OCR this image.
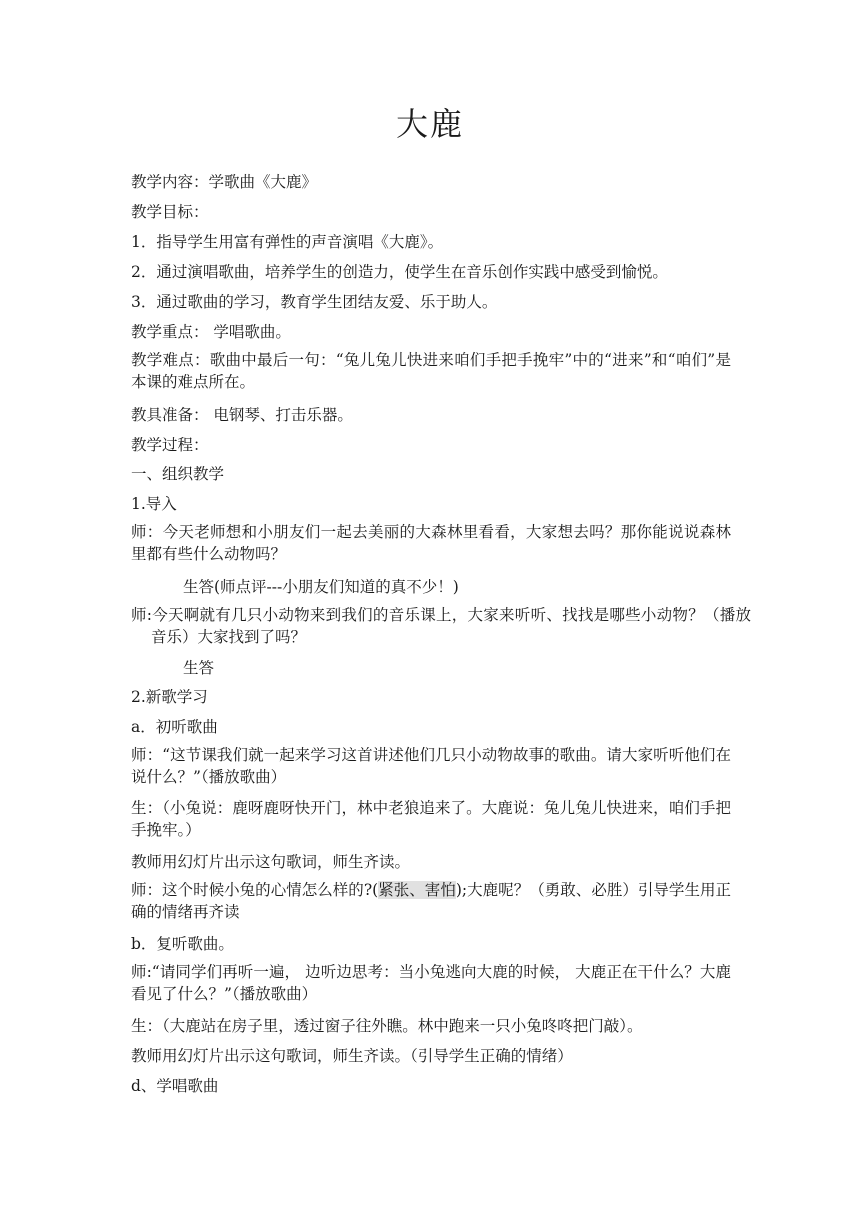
大鹿
教学内容：学歌曲《大鹿》
教学目标：
1．指导学生用富有弹性的声音演唱《大鹿》。
2．通过演唱歌曲，培养学生的创造力，使学生在音乐创作实践中感受到愉悦。
3．通过歌曲的学习，教育学生团结友爱、乐于助人。
教学重点： 学唱歌曲。
教学难点：歌曲中最后一句：“兔儿兔儿快进来咱们手把手挽牢”中的“进来”和“咱们”是本课的难点所在。
教具准备： 电钢琴、打击乐器。
教学过程：
一、组织教学
1.导入
师：今天老师想和小朋友们一起去美丽的大森林里看看，大家想去吗？那你能说说森林里都有些什么动物吗？
生答(师点评---小朋友们知道的真不少！)
师:今天啊就有几只小动物来到我们的音乐课上，大家来听听、找找是哪些小动物？（播放音乐）大家找到了吗？
生答
2.新歌学习
a．初听歌曲
师：“这节课我们就一起来学习这首讲述他们几只小动物故事的歌曲。请大家听听他们在说什么？”（播放歌曲）
生：（小兔说：鹿呀鹿呀快开门，林中老狼追来了。大鹿说：兔儿兔儿快进来，咱们手把手挽牢。）
教师用幻灯片出示这句歌词，师生齐读。
师：这个时候小兔的心情怎么样的?(紧张、害怕);大鹿呢？（勇敢、必胜）引导学生用正确的情绪再齐读
b．复听歌曲。
师:“请同学们再听一遍， 边听边思考：当小兔逃向大鹿的时候， 大鹿正在干什么？大鹿看见了什么？”（播放歌曲）
生：（大鹿站在房子里，透过窗子往外瞧。林中跑来一只小兔咚咚把门敲）。
教师用幻灯片出示这句歌词，师生齐读。（引导学生正确的情绪）
d、学唱歌曲
